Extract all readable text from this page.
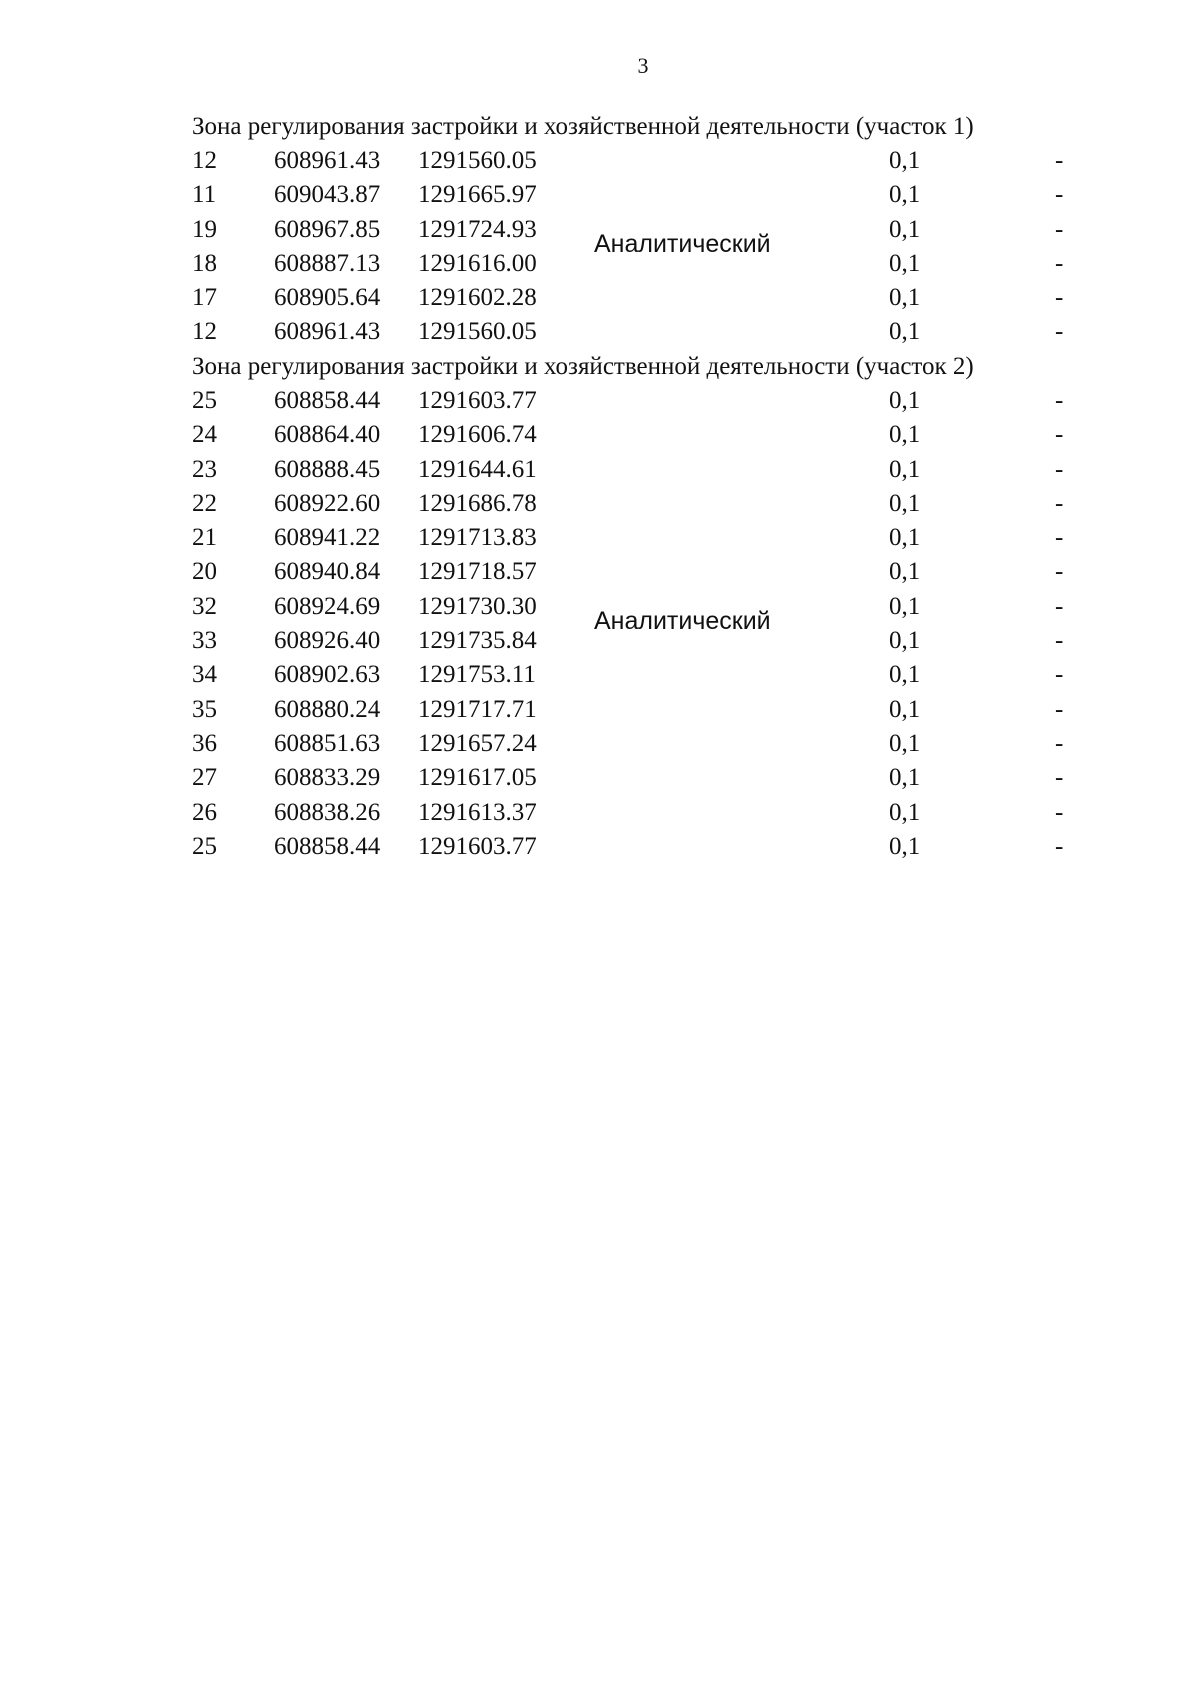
3
Зона регулирования застройки и хозяйственной деятельности (участок 1)
12 608961.43 1291560.05	0,1	-
11 609043.87 1291665.97	0,1	-
19 608967.85 1291724.93	0,1	-
18 608887.13 1291616.00	0,1	-
17 608905.64 1291602.28	0,1	-
12 608961.43 1291560.05	0,1	-
Аналитический
Зона регулирования застройки и хозяйственной деятельности (участок 2)
25 608858.44 1291603.77	0,1	-
24 608864.40 1291606.74	0,1	-
23 608888.45 1291644.61	0,1	-
22 608922.60 1291686.78	0,1	-
21 608941.22 1291713.83	0,1	-
20 608940.84 1291718.57	0,1	-
32 608924.69 1291730.30	0,1	-
33 608926.40 1291735.84	0,1	-
34 608902.63 1291753.11	0,1	-
35 608880.24 1291717.71	0,1	-
36 608851.63 1291657.24	0,1	-
27 608833.29 1291617.05	0,1	-
26 608838.26 1291613.37	0,1	-
25 608858.44 1291603.77	0,1	-
Аналитический
